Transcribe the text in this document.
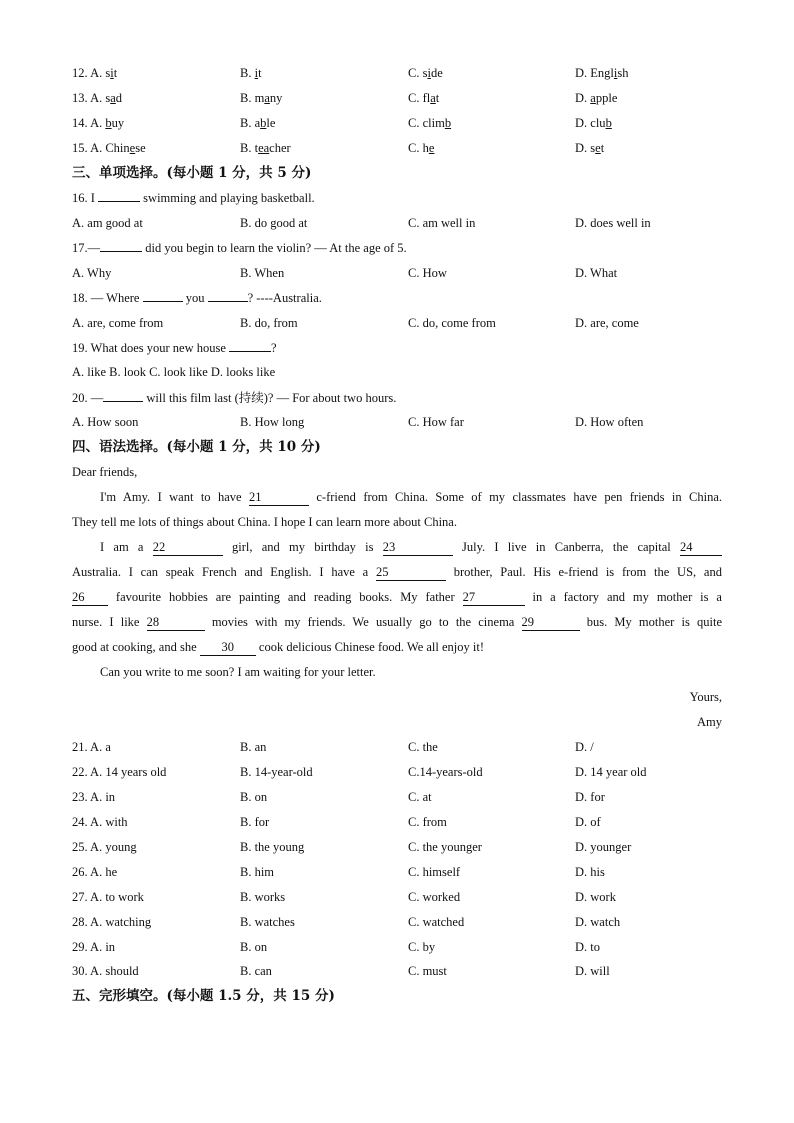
12. A. sit	B. it	C. side	D. English
13. A. sad	B. many	C. flat	D. apple
14. A. buy	B. able	C. climb	D. club
15. A. Chinese	B. teacher	C. he	D. set
三、单项选择。(每小题 1 分，共 5 分)
16. I	swimming and playing basketball.
A. am good at	B. do good at	C. am well in	D. does well in
17.—	did you begin to learn the violin? — At the age of 5.
A. Why	B. When	C. How	D. What
18. — Where	you	? ----Australia.
A. are, come from	B. do, from	C. do, come from	D. are, come
19. What does your new house	?
A. like B. look C. look like D. looks like
20. —	will this film last (持续)? — For about two hours.
A. How soon	B. How long	C. How far	D. How often
四、语法选择。(每小题 1 分，共 10 分)
Dear friends,
I'm Amy. I want to have 21	c-friend from China. Some of my classmates have pen friends in China.
They tell me lots of things about China. I hope I can learn more about China.
I am a 22	girl, and my birthday is 23	July. I live in Canberra, the capital 24
Australia. I can speak French and English. I have a 25	brother, Paul. His e-friend is from the US, and
26 favourite hobbies are painting and reading books. My father 27	in a factory and my mother is a
nurse. I like 28	movies with my friends. We usually go to the cinema 29	bus. My mother is quite
good at cooking, and she 30 cook delicious Chinese food. We all enjoy it!
Can you write to me soon? I am waiting for your letter.
Yours,
Amy
21. A. a	B. an	C. the	D. /
22. A. 14 years old	B. 14-year-old	C.14-years-old	D. 14 year old
23. A. in	B. on	C. at	D. for
24. A. with	B. for	C. from	D. of
25. A. young	B. the young	C. the younger	D. younger
26. A. he	B. him	C. himself	D. his
27. A. to work	B. works	C. worked	D. work
28. A. watching	B. watches	C. watched	D. watch
29. A. in	B. on	C. by	D. to
30. A. should	B. can	C. must	D. will
五、完形填空。(每小题 1.5 分，共 15 分)
